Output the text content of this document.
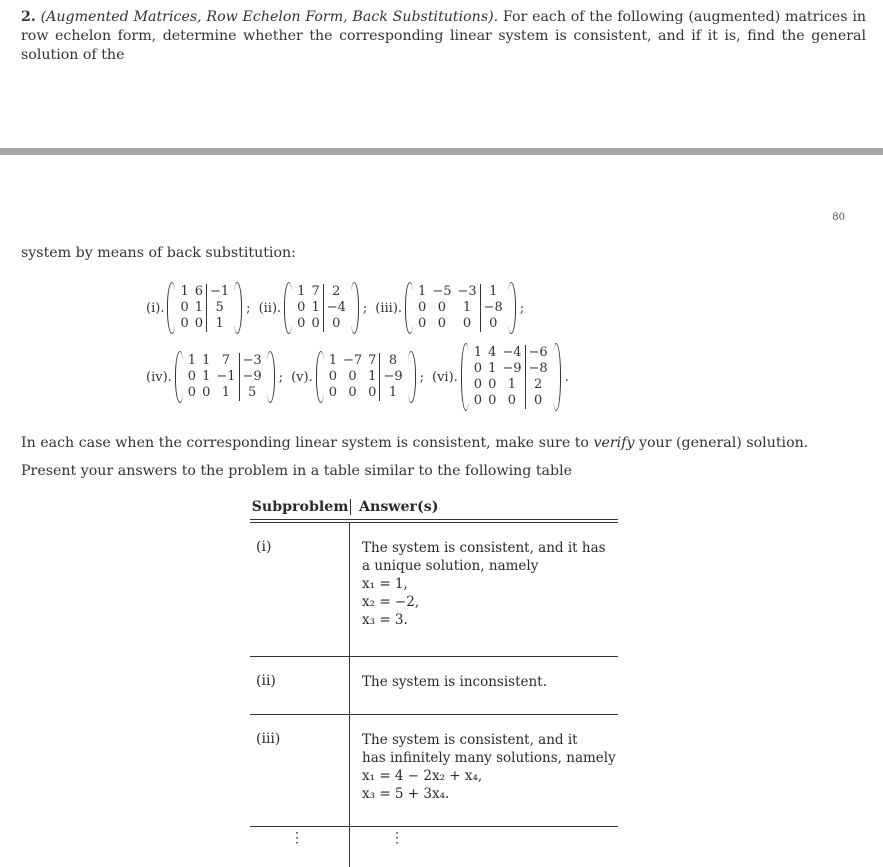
2. (Augmented Matrices, Row Echelon Form, Back Substitutions). For each of the following (augmented) matrices in row echelon form, determine whether the corresponding linear system is consistent, and if it is, find the general solution of the
80
system by means of back substitution:
(i).
1	6	−1
0	1	5
0	0	1
; (ii).
1	7	2
0	1	−4
0	0	0
; (iii).
1	−5	−3	1
0	0	1	−8
0	0	0	0
;
(iv).
1	1	7	−3
0	1	−1	−9
0	0	1	5
; (v).
1	−7	7	8
0	0	1	−9
0	0	0	1
; (vi).
1	4	−4	−6
0	1	−9	−8
0	0	1	2
0	0	0	0
.
In each case when the corresponding linear system is consistent, make sure to verify your (general) solution.
Present your answers to the problem in a table similar to the following table
Subproblem Answer(s)
(i)	The system is consistent, and it has
a unique solution, namely
x₁ = 1,
x₂ = −2,
x₃ = 3.
(ii)	The system is inconsistent.
(iii)	The system is consistent, and it
has infinitely many solutions, namely
x₁ = 4 − 2x₂ + x₄,
x₃ = 5 + 3x₄.
⋮	⋮
